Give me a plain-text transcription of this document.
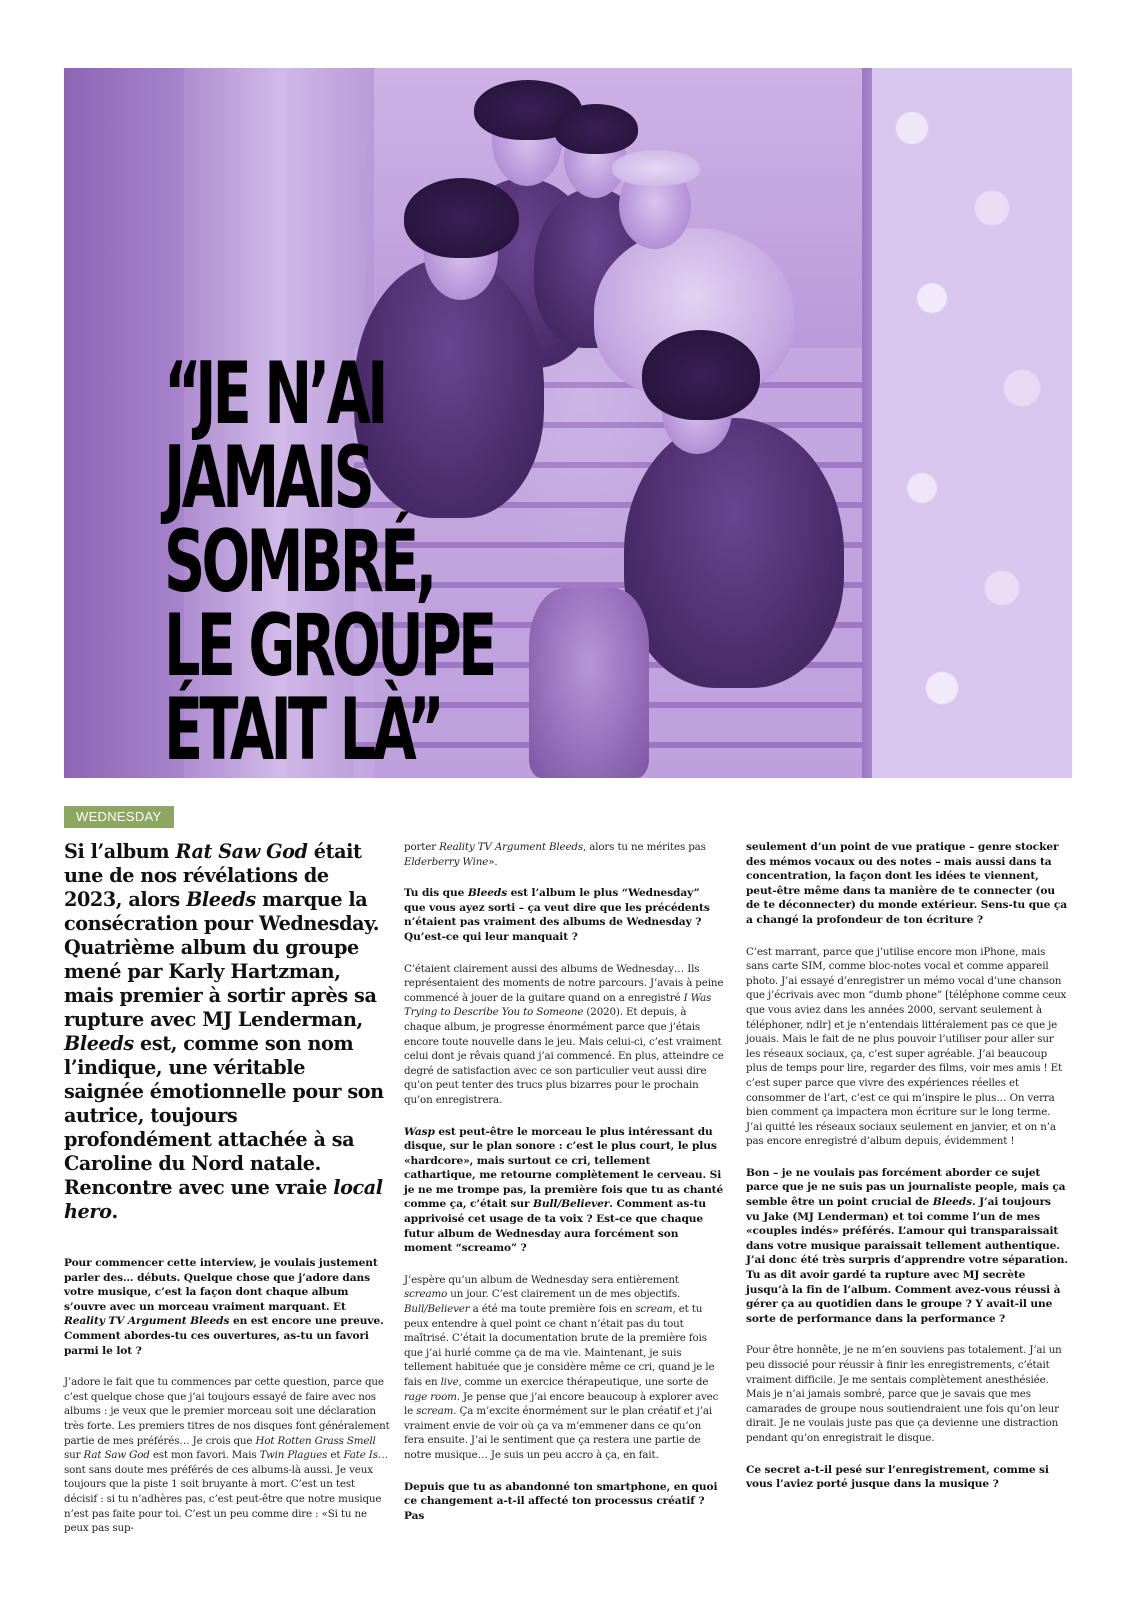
“JE N’AI
JAMAIS
SOMBRÉ,
LE GROUPE
ÉTAIT LÀ”
WEDNESDAY

Si l’album Rat Saw God était une de nos révélations de 2023, alors Bleeds marque la consécration pour Wednesday. Quatrième album du groupe mené par Karly Hartzman, mais premier à sortir après sa rupture avec MJ Lenderman, Bleeds est, comme son nom l’indique, une véritable saignée émotionnelle pour son autrice, toujours profondément attachée à sa Caroline du Nord natale. Rencontre avec une vraie local hero.

Pour commencer cette interview, je voulais justement parler des… débuts. Quelque chose que j’adore dans votre musique, c’est la façon dont chaque album s’ouvre avec un morceau vraiment marquant. Et Reality TV Argument Bleeds en est encore une preuve. Comment abordes-tu ces ouvertures, as-tu un favori parmi le lot ?

J’adore le fait que tu commences par cette question, parce que c’est quelque chose que j’ai toujours essayé de faire avec nos albums : je veux que le premier morceau soit une déclaration très forte. Les premiers titres de nos disques font généralement partie de mes préférés… Je crois que Hot Rotten Grass Smell sur Rat Saw God est mon favori. Mais Twin Plagues et Fate Is… sont sans doute mes préférés de ces albums-là aussi. Je veux toujours que la piste 1 soit bruyante à mort. C’est un test décisif : si tu n’adhères pas, c’est peut-être que notre musique n’est pas faite pour toi. C’est un peu comme dire : «Si tu ne peux pas sup-

porter Reality TV Argument Bleeds, alors tu ne mérites pas Elderberry Wine».

Tu dis que Bleeds est l’album le plus “Wednesday” que vous ayez sorti – ça veut dire que les précédents n’étaient pas vraiment des albums de Wednesday ? Qu’est-ce qui leur manquait ?

C’étaient clairement aussi des albums de Wednesday… Ils représentaient des moments de notre parcours. J’avais à peine commencé à jouer de la guitare quand on a enregistré I Was Trying to Describe You to Someone (2020). Et depuis, à chaque album, je progresse énormément parce que j’étais encore toute nouvelle dans le jeu. Mais celui-ci, c’est vraiment celui dont je rêvais quand j’ai commencé. En plus, atteindre ce degré de satisfaction avec ce son particulier veut aussi dire qu’on peut tenter des trucs plus bizarres pour le prochain qu’on enregistrera.

Wasp est peut-être le morceau le plus intéressant du disque, sur le plan sonore : c’est le plus court, le plus «hardcore», mais surtout ce cri, tellement cathartique, me retourne complètement le cerveau. Si je ne me trompe pas, la première fois que tu as chanté comme ça, c’était sur Bull/Believer. Comment as-tu apprivoisé cet usage de ta voix ? Est-ce que chaque futur album de Wednesday aura forcément son moment “screamo” ?

J’espère qu’un album de Wednesday sera entièrement screamo un jour. C’est clairement un de mes objectifs. Bull/Believer a été ma toute première fois en scream, et tu peux entendre à quel point ce chant n’était pas du tout maîtrisé. C’était la documentation brute de la première fois que j’ai hurlé comme ça de ma vie. Maintenant, je suis tellement habituée que je considère même ce cri, quand je le fais en live, comme un exercice thérapeutique, une sorte de rage room. Je pense que j’ai encore beaucoup à explorer avec le scream. Ça m’excite énormément sur le plan créatif et j’ai vraiment envie de voir où ça va m’emmener dans ce qu’on fera ensuite. J’ai le sentiment que ça restera une partie de notre musique… Je suis un peu accro à ça, en fait.

Depuis que tu as abandonné ton smartphone, en quoi ce changement a-t-il affecté ton processus créatif ? Pas

seulement d’un point de vue pratique – genre stocker des mémos vocaux ou des notes – mais aussi dans ta concentration, la façon dont les idées te viennent, peut-être même dans ta manière de te connecter (ou de te déconnecter) du monde extérieur. Sens-tu que ça a changé la profondeur de ton écriture ?

C’est marrant, parce que j’utilise encore mon iPhone, mais sans carte SIM, comme bloc-notes vocal et comme appareil photo. J’ai essayé d’enregistrer un mémo vocal d’une chanson que j’écrivais avec mon “dumb phone” [téléphone comme ceux que vous aviez dans les années 2000, servant seulement à téléphoner, ndlr] et je n’entendais littéralement pas ce que je jouais. Mais le fait de ne plus pouvoir l’utiliser pour aller sur les réseaux sociaux, ça, c’est super agréable. J’ai beaucoup plus de temps pour lire, regarder des films, voir mes amis ! Et c’est super parce que vivre des expériences réelles et consommer de l’art, c’est ce qui m’inspire le plus… On verra bien comment ça impactera mon écriture sur le long terme. J’ai quitté les réseaux sociaux seulement en janvier, et on n’a pas encore enregistré d’album depuis, évidemment !

Bon – je ne voulais pas forcément aborder ce sujet parce que je ne suis pas un journaliste people, mais ça semble être un point crucial de Bleeds. J’ai toujours vu Jake (MJ Lenderman) et toi comme l’un de mes «couples indés» préférés. L’amour qui transparaissait dans votre musique paraissait tellement authentique. J’ai donc été très surpris d’apprendre votre séparation. Tu as dit avoir gardé ta rupture avec MJ secrète jusqu’à la fin de l’album. Comment avez-vous réussi à gérer ça au quotidien dans le groupe ? Y avait-il une sorte de performance dans la performance ?

Pour être honnête, je ne m’en souviens pas totalement. J’ai un peu dissocié pour réussir à finir les enregistrements, c’était vraiment difficile. Je me sentais complètement anesthésiée. Mais je n’ai jamais sombré, parce que je savais que mes camarades de groupe nous soutiendraient une fois qu’on leur dirait. Je ne voulais juste pas que ça devienne une distraction pendant qu’on enregistrait le disque.

Ce secret a-t-il pesé sur l’enregistrement, comme si vous l’aviez porté jusque dans la musique ?
